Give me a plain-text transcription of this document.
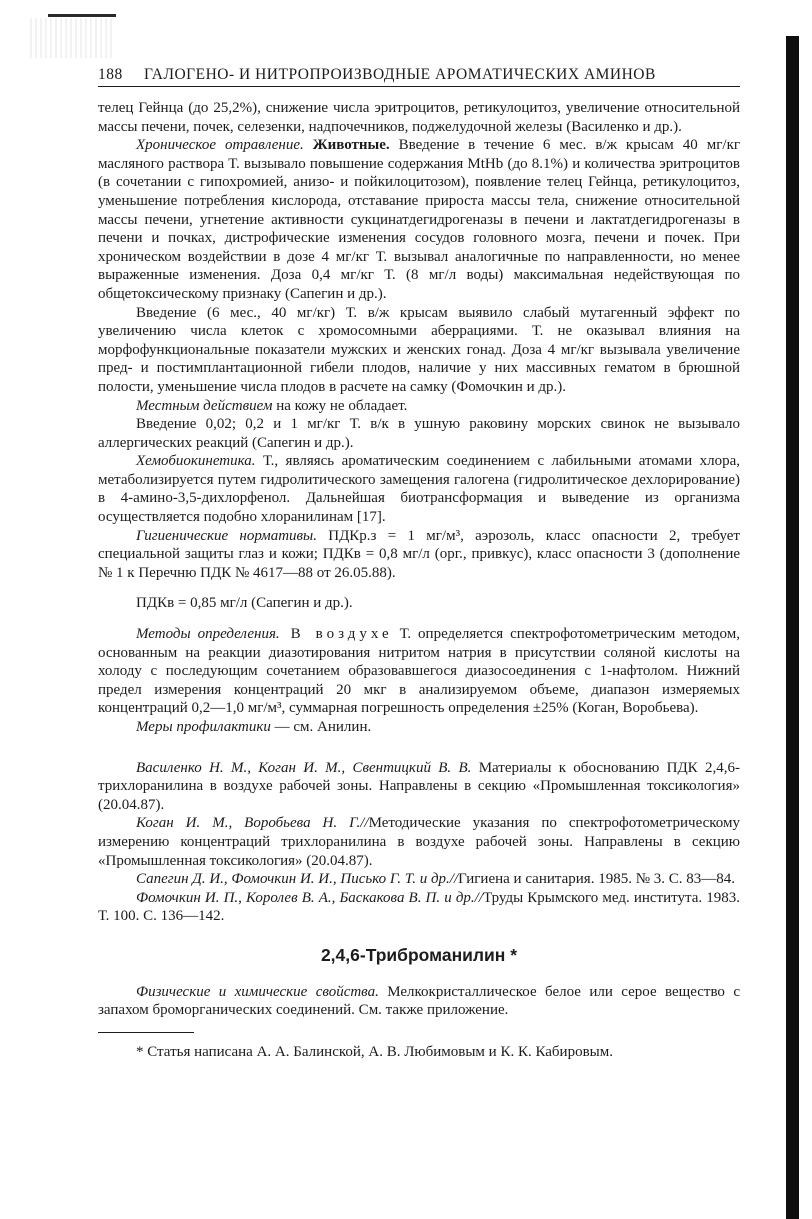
188 ГАЛОГЕНО- И НИТРОПРОИЗВОДНЫЕ АРОМАТИЧЕСКИХ АМИНОВ

телец Гейнца (до 25,2%), снижение числа эритроцитов, ретикулоцитоз, увеличение относительной массы печени, почек, селезенки, надпочечников, поджелудочной железы (Василенко и др.).

Хроническое отравление. Животные. Введение в течение 6 мес. в/ж крысам 40 мг/кг масляного раствора Т. вызывало повышение содержания MtHb (до 8.1%) и количества эритроцитов (в сочетании с гипохромией, анизо- и пойкилоцитозом), появление телец Гейнца, ретикулоцитоз, уменьшение потребления кислорода, отставание прироста массы тела, снижение относительной массы печени, угнетение активности сукцинатдегидрогеназы в печени и лактатдегидрогеназы в печени и почках, дистрофические изменения сосудов головного мозга, печени и почек. При хроническом воздействии в дозе 4 мг/кг Т. вызывал аналогичные по направленности, но менее выраженные изменения. Доза 0,4 мг/кг Т. (8 мг/л воды) максимальная недействующая по общетоксическому признаку (Сапегин и др.).

Введение (6 мес., 40 мг/кг) Т. в/ж крысам выявило слабый мутагенный эффект по увеличению числа клеток с хромосомными аберрациями. Т. не оказывал влияния на морфофункциональные показатели мужских и женских гонад. Доза 4 мг/кг вызывала увеличение пред- и постимплантационной гибели плодов, наличие у них массивных гематом в брюшной полости, уменьшение числа плодов в расчете на самку (Фомочкин и др.).

Местным действием на кожу не обладает.

Введение 0,02; 0,2 и 1 мг/кг Т. в/к в ушную раковину морских свинок не вызывало аллергических реакций (Сапегин и др.).

Хемобиокинетика. Т., являясь ароматическим соединением с лабильными атомами хлора, метаболизируется путем гидролитического замещения галогена (гидролитическое дехлорирование) в 4-амино-3,5-дихлорфенол. Дальнейшая биотрансформация и выведение из организма осуществляется подобно хлоранилинам [17].

Гигиенические нормативы. ПДКр.з = 1 мг/м³, аэрозоль, класс опасности 2, требует специальной защиты глаз и кожи; ПДКв = 0,8 мг/л (орг., привкус), класс опасности 3 (дополнение № 1 к Перечню ПДК № 4617—88 от 26.05.88).

ПДКв = 0,85 мг/л (Сапегин и др.).

Методы определения. В воздухе Т. определяется спектрофотометрическим методом, основанным на реакции диазотирования нитритом натрия в присутствии соляной кислоты на холоду с последующим сочетанием образовавшегося диазосоединения с 1-нафтолом. Нижний предел измерения концентраций 20 мкг в анализируемом объеме, диапазон измеряемых концентраций 0,2—1,0 мг/м³, суммарная погрешность определения ±25% (Коган, Воробьева).

Меры профилактики — см. Анилин.

Василенко Н. М., Коган И. М., Свентицкий В. В. Материалы к обоснованию ПДК 2,4,6-трихлоранилина в воздухе рабочей зоны. Направлены в секцию «Промышленная токсикология» (20.04.87).

Коган И. М., Воробьева Н. Г.//Методические указания по спектрофотометрическому измерению концентраций трихлоранилина в воздухе рабочей зоны. Направлены в секцию «Промышленная токсикология» (20.04.87).

Сапегин Д. И., Фомочкин И. И., Писько Г. Т. и др.//Гигиена и санитария. 1985. № 3. С. 83—84.

Фомочкин И. П., Королев В. А., Баскакова В. П. и др.//Труды Крымского мед. института. 1983. Т. 100. С. 136—142.

2,4,6-Триброманилин *

Физические и химические свойства. Мелкокристаллическое белое или серое вещество с запахом броморганических соединений. См. также приложение.

* Статья написана А. А. Балинской, А. В. Любимовым и К. К. Кабировым.
